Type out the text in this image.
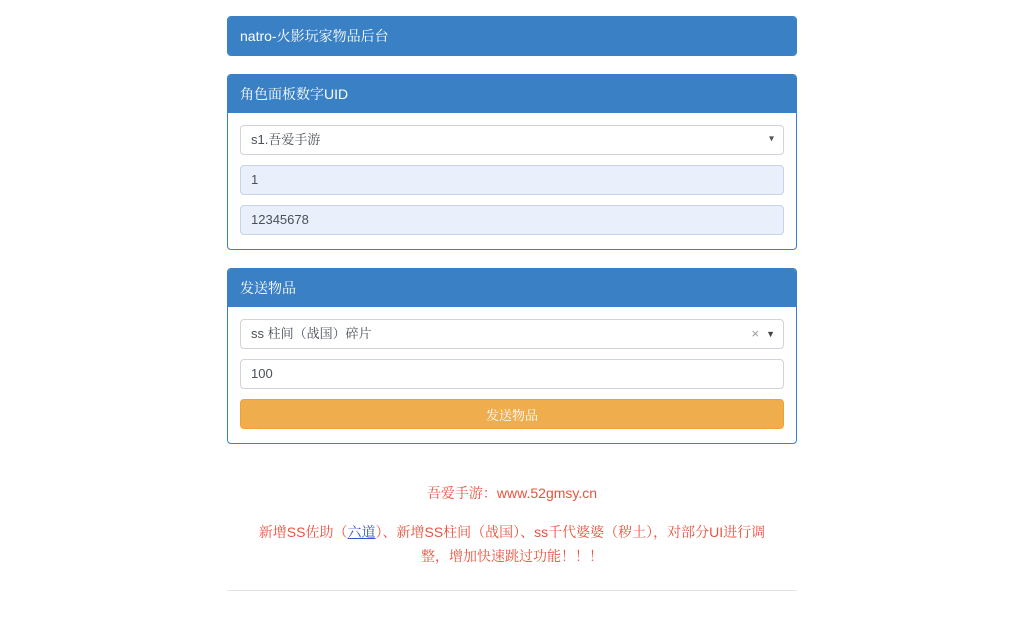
natro-火影玩家物品后台
角色面板数字UID
s1.吾爱手游	▾
1
12345678
发送物品
ss 柱间（战国）碎片	× ▼
100
发送物品
吾爱手游：www.52gmsy.cn
新增SS佐助（六道）、新增SS柱间（战国）、ss千代婆婆（秽土），对部分UI进行调整，增加快速跳过功能！！！
